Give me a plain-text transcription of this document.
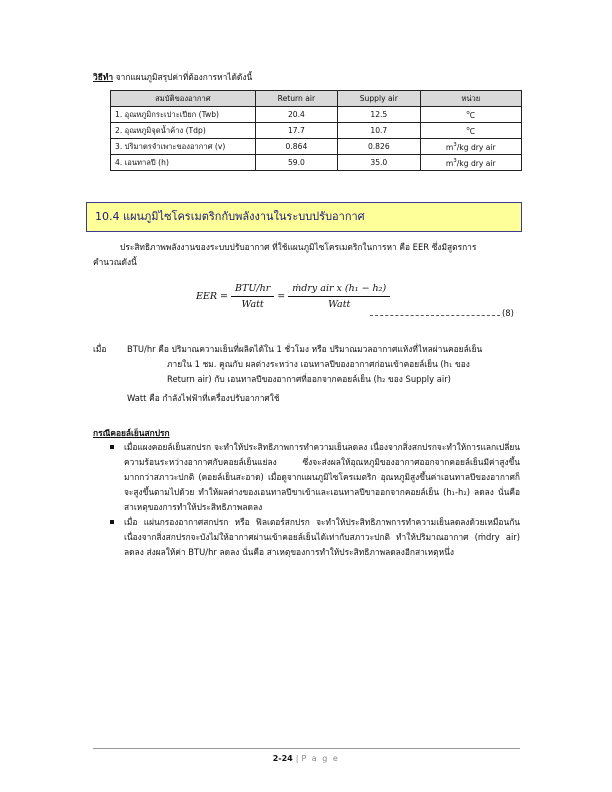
วิธีทำ จากแผนภูมิสรุปค่าที่ต้องการหาได้ดังนี้
สมบัติของอากาศ	Return air	Supply air	หน่วย
1. อุณหภูมิกระเปาะเปียก (Twb)	20.4	12.5	$^o$C
2. อุณหภูมิจุดน้ำค้าง (Tdp)	17.7	10.7	$^o$C
3. ปริมาตรจำเพาะของอากาศ (v)	0.864	0.826	$m^3/kg$ dry air
4. เอนทาลปี (h)	59.0	35.0	$m^3/kg$ dry air
10.4 แผนภูมิไซโครเมตริกกับพลังงานในระบบปรับอากาศ
ประสิทธิภาพพลังงานของระบบปรับอากาศ ที่ใช้แผนภูมิไซโครเมตริกในการหา คือ EER ซึ่งมีสูตรการ
คำนวณดังนี้
EER = $\frac{\text{BTU/hr}}{\text{Watt}} = \frac{\text{ṁdry air x (h₁ − h₂)}}{\text{Watt}}$
(8)
เมื่อ BTU/hr คือ ปริมาณความเย็นที่ผลิตได้ใน 1 ชั่วโมง หรือ ปริมาณมวลอากาศแห้งที่ไหลผ่านคอยล์เย็น
ภายใน 1 ชม. คูณกับ ผลต่างระหว่าง เอนทาลปีของอากาศก่อนเข้าคอยล์เย็น (h₁ ของ
Return air) กับ เอนทาลปีของอากาศที่ออกจากคอยล์เย็น (h₂ ของ Supply air)
Watt คือ กำลังไฟฟ้าที่เครื่องปรับอากาศใช้
กรณีคอยล์เย็นสกปรก
เมื่อแผงคอยล์เย็นสกปรก จะทำให้ประสิทธิภาพการทำความเย็นลดลง เนื่องจากสิ่งสกปรกจะทำให้การแลกเปลี่ยนความร้อนระหว่างอากาศกับคอยล์เย็นแย่ลง ซึ่งจะส่งผลให้อุณหภูมิของอากาศออกจากคอยล์เย็นมีค่าสูงขึ้นมากกว่าสภาวะปกติ (คอยล์เย็นสะอาด) เมื่อดูจากแผนภูมิไซโครเมตริก อุณหภูมิสูงขึ้นค่าเอนทาลปีของอากาศก็จะสูงขึ้นตามไปด้วย ทำให้ผลต่างของเอนทาลปีขาเข้าและเอนทาลปีขาออกจากคอยล์เย็น (h₁-h₂) ลดลง นั่นคือ สาเหตุของการทำให้ประสิทธิภาพลดลง
เมื่อ แผ่นกรองอากาศสกปรก หรือ ฟิลเตอร์สกปรก จะทำให้ประสิทธิภาพการทำความเย็นลดลงด้วยเหมือนกัน เนื่องจากสิ่งสกปรกจะบังไม่ให้อากาศผ่านเข้าคอยล์เย็นได้เท่ากับสภาวะปกติ ทำให้ปริมาณอากาศ (ṁdry air) ลดลง ส่งผลให้ค่า BTU/hr ลดลง นั่นคือ สาเหตุของการทำให้ประสิทธิภาพลดลงอีกสาเหตุหนึ่ง
2-24 | P a g e
